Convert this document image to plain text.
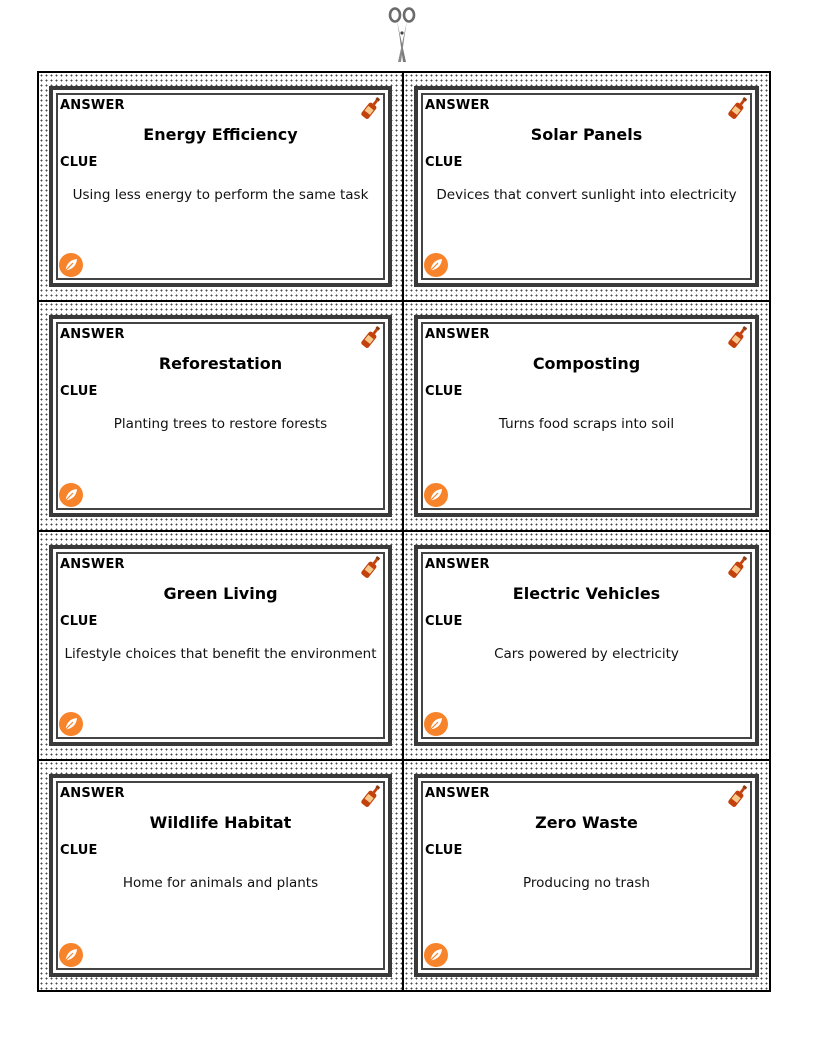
ANSWER
Energy Efficiency
CLUE
Using less energy to perform the same task
ANSWER
Solar Panels
CLUE
Devices that convert sunlight into electricity
ANSWER
Reforestation
CLUE
Planting trees to restore forests
ANSWER
Composting
CLUE
Turns food scraps into soil
ANSWER
Green Living
CLUE
Lifestyle choices that benefit the environment
ANSWER
Electric Vehicles
CLUE
Cars powered by electricity
ANSWER
Wildlife Habitat
CLUE
Home for animals and plants
ANSWER
Zero Waste
CLUE
Producing no trash
